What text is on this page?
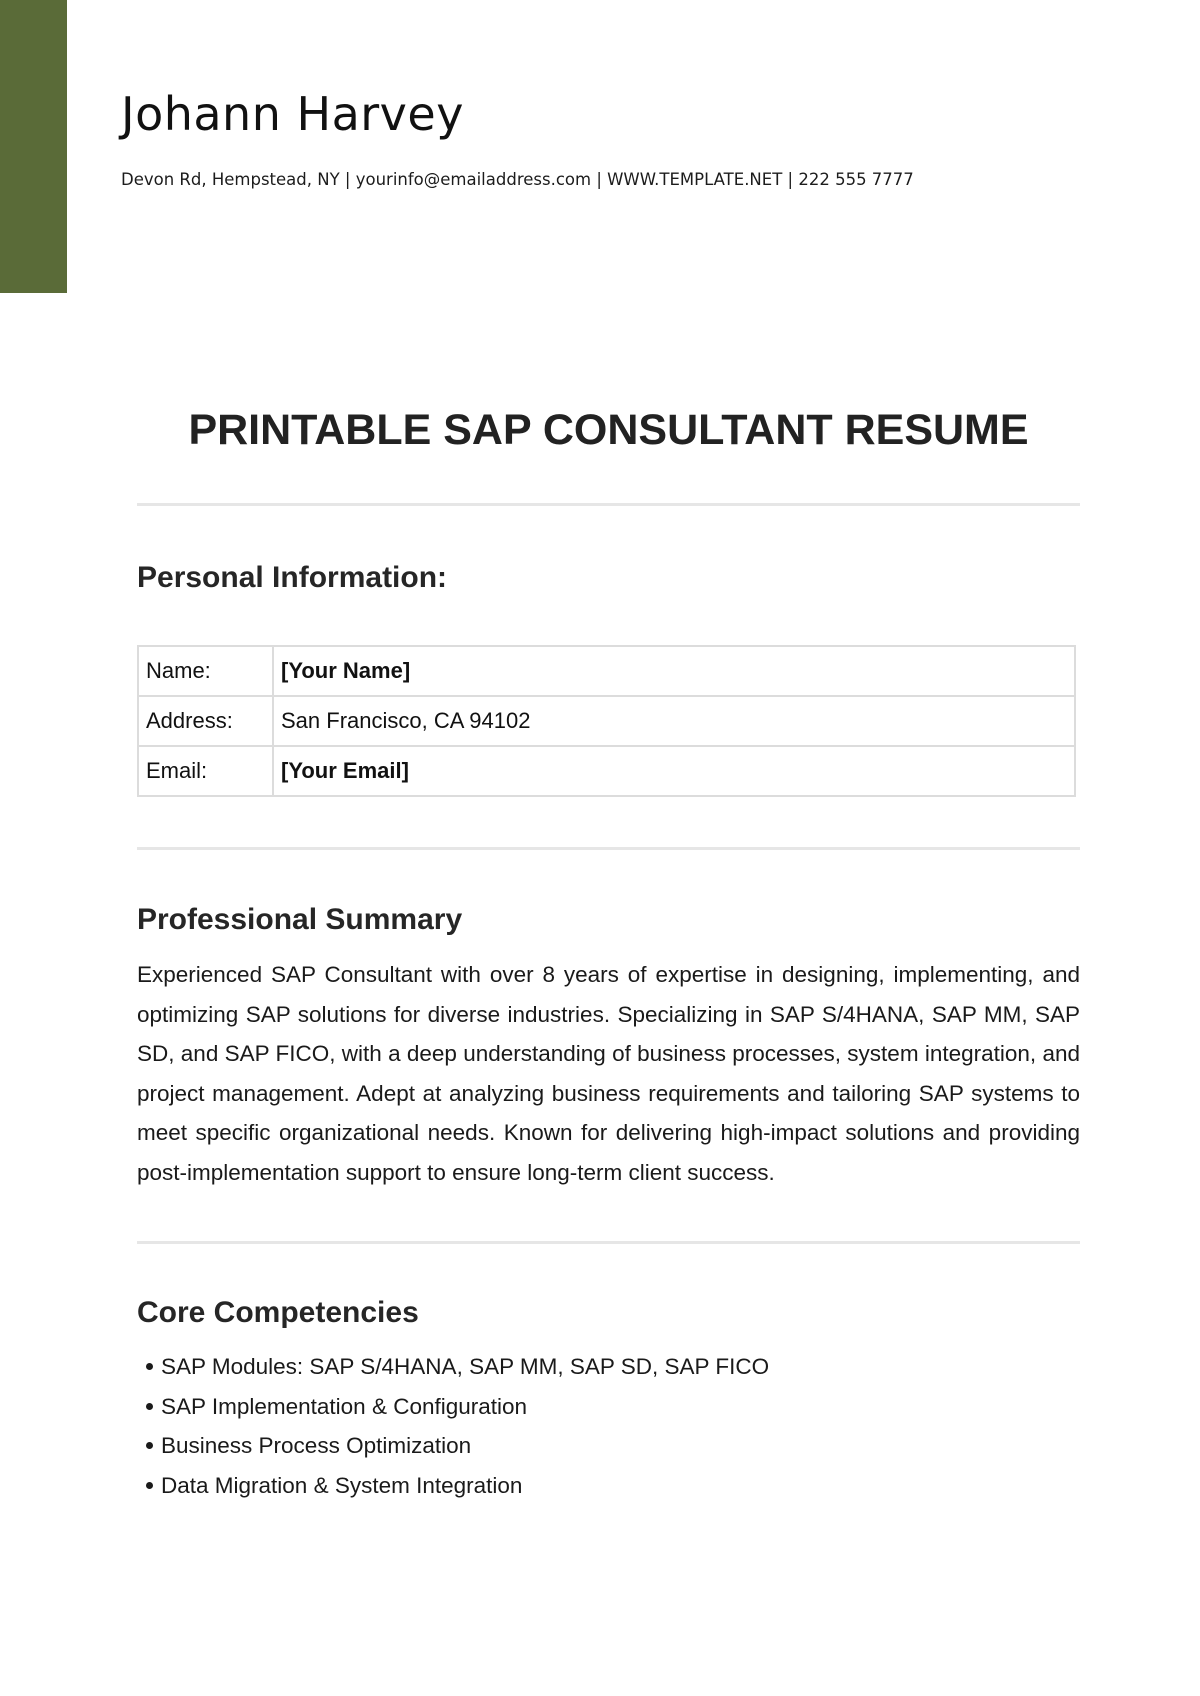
Johann Harvey
Devon Rd, Hempstead, NY | yourinfo@emailaddress.com | WWW.TEMPLATE.NET | 222 555 7777
PRINTABLE SAP CONSULTANT RESUME
Personal Information:
Name:	[Your Name]
Address:	San Francisco, CA 94102
Email:	[Your Email]
Professional Summary

Experienced SAP Consultant with over 8 years of expertise in designing, implementing, and optimizing SAP solutions for diverse industries. Specializing in SAP S/4HANA, SAP MM, SAP SD, and SAP FICO, with a deep understanding of business processes, system integration, and project management. Adept at analyzing business requirements and tailoring SAP systems to meet specific organizational needs. Known for delivering high-impact solutions and providing post-implementation support to ensure long-term client success.

Core Competencies
SAP Modules: SAP S/4HANA, SAP MM, SAP SD, SAP FICO
SAP Implementation & Configuration
Business Process Optimization
Data Migration & System Integration
